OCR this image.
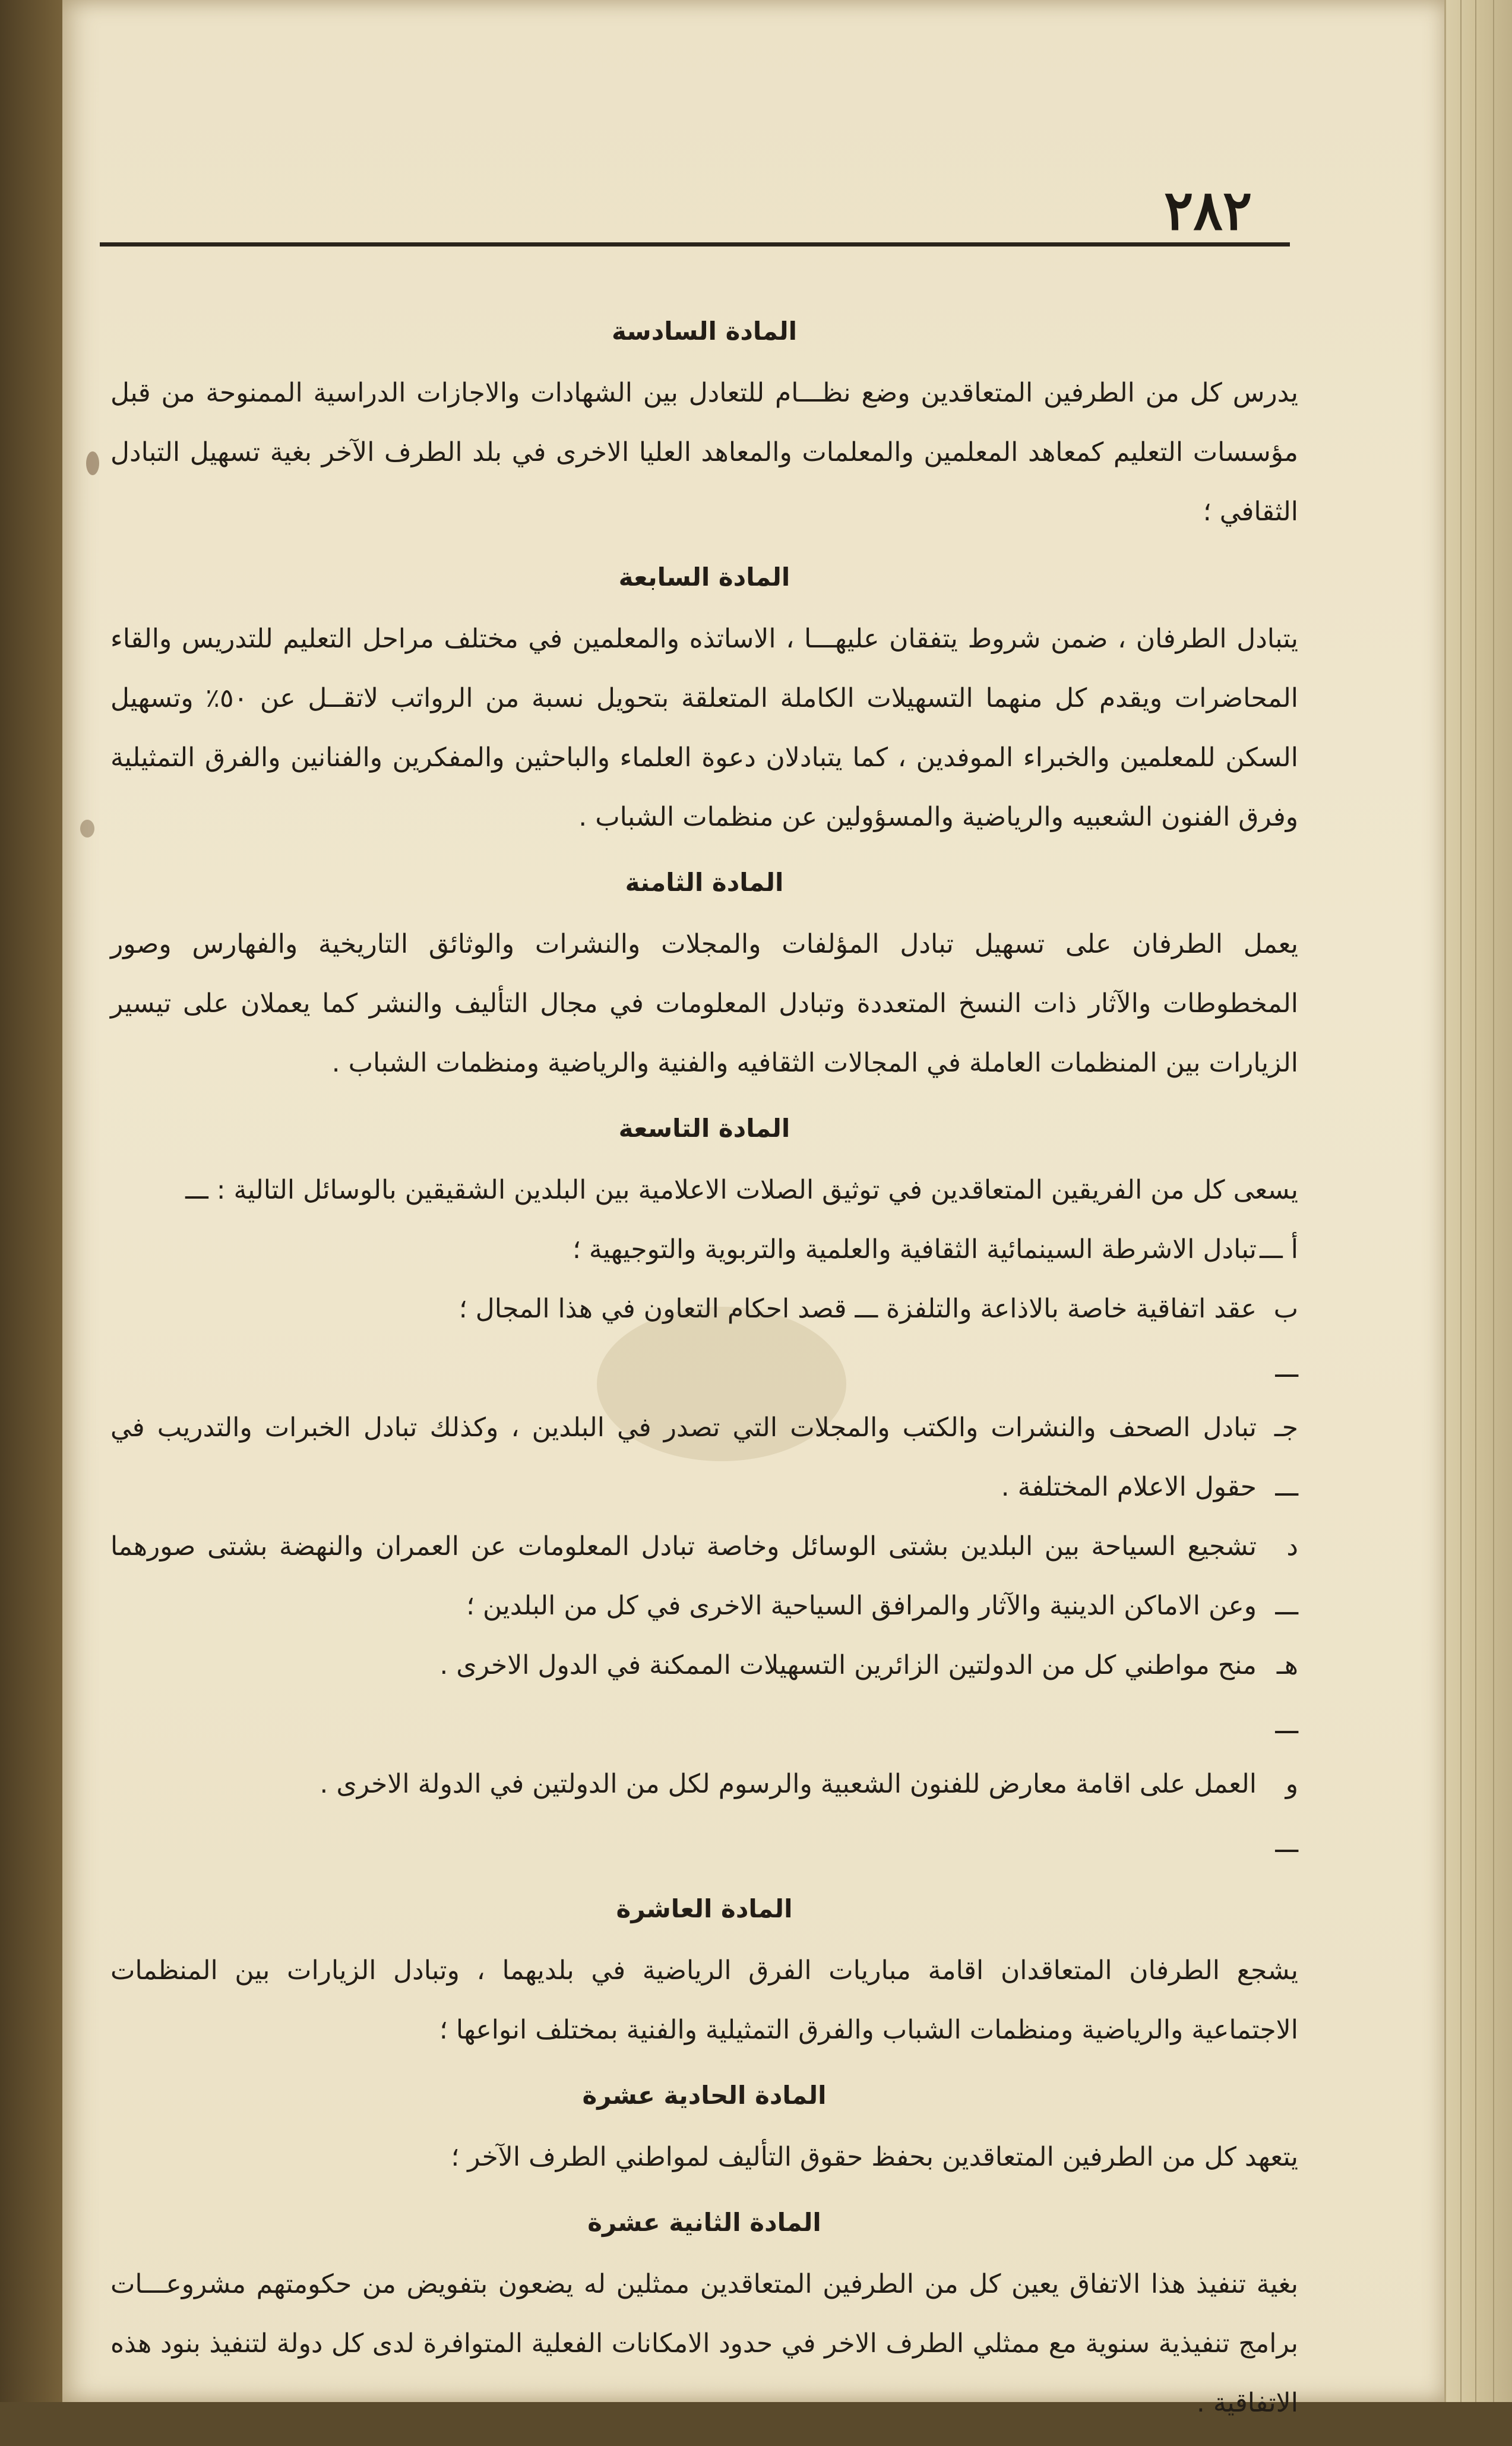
٢٨٢
المادة السادسة

يدرس كل من الطرفين المتعاقدين وضع نظـــام للتعادل بين الشهادات والاجازات الدراسية الممنوحة من قبل مؤسسات التعليم كمعاهد المعلمين والمعلمات والمعاهد العليا الاخرى في بلد الطرف الآخر بغية تسهيل التبادل الثقافي ؛

المادة السابعة

يتبادل الطرفان ، ضمن شروط يتفقان عليهـــا ، الاساتذه والمعلمين في مختلف مراحل التعليم للتدريس والقاء المحاضرات ويقدم كل منهما التسهيلات الكاملة المتعلقة بتحويل نسبة من الرواتب لاتقــل عن ٥٠٪ وتسهيل السكن للمعلمين والخبراء الموفدين ، كما يتبادلان دعوة العلماء والباحثين والمفكرين والفنانين والفرق التمثيلية وفرق الفنون الشعبيه والرياضية والمسؤولين عن منظمات الشباب .

المادة الثامنة

يعمل الطرفان على تسهيل تبادل المؤلفات والمجلات والنشرات والوثائق التاريخية والفهارس وصور المخطوطات والآثار ذات النسخ المتعددة وتبادل المعلومات في مجال التأليف والنشر كما يعملان على تيسير الزيارات بين المنظمات العاملة في المجالات الثقافيه والفنية والرياضية ومنظمات الشباب .

المادة التاسعة

يسعى كل من الفريقين المتعاقدين في توثيق الصلات الاعلامية بين البلدين الشقيقين بالوسائل التالية : ـــ

أ ـــ
تبادل الاشرطة السينمائية الثقافية والعلمية والتربوية والتوجيهية ؛
ب ـــ
عقد اتفاقية خاصة بالاذاعة والتلفزة ـــ قصد احكام التعاون في هذا المجال ؛
جـ ـــ
تبادل الصحف والنشرات والكتب والمجلات التي تصدر في البلدين ، وكذلك تبادل الخبرات والتدريب في حقول الاعلام المختلفة .
د ـــ
تشجيع السياحة بين البلدين بشتى الوسائل وخاصة تبادل المعلومات عن العمران والنهضة بشتى صورهما وعن الاماكن الدينية والآثار والمرافق السياحية الاخرى في كل من البلدين ؛
هـ ـــ
منح مواطني كل من الدولتين الزائرين التسهيلات الممكنة في الدول الاخرى .
و ـــ
العمل على اقامة معارض للفنون الشعبية والرسوم لكل من الدولتين في الدولة الاخرى .
المادة العاشرة

يشجع الطرفان المتعاقدان اقامة مباريات الفرق الرياضية في بلديهما ، وتبادل الزيارات بين المنظمات الاجتماعية والرياضية ومنظمات الشباب والفرق التمثيلية والفنية بمختلف انواعها ؛

المادة الحادية عشرة

يتعهد كل من الطرفين المتعاقدين بحفظ حقوق التأليف لمواطني الطرف الآخر ؛

المادة الثانية عشرة

بغية تنفيذ هذا الاتفاق يعين كل من الطرفين المتعاقدين ممثلين له يضعون بتفويض من حكومتهم مشروعـــات برامج تنفيذية سنوية مع ممثلي الطرف الاخر في حدود الامكانات الفعلية المتوافرة لدى كل دولة لتنفيذ بنود هذه الاتفاقية .
